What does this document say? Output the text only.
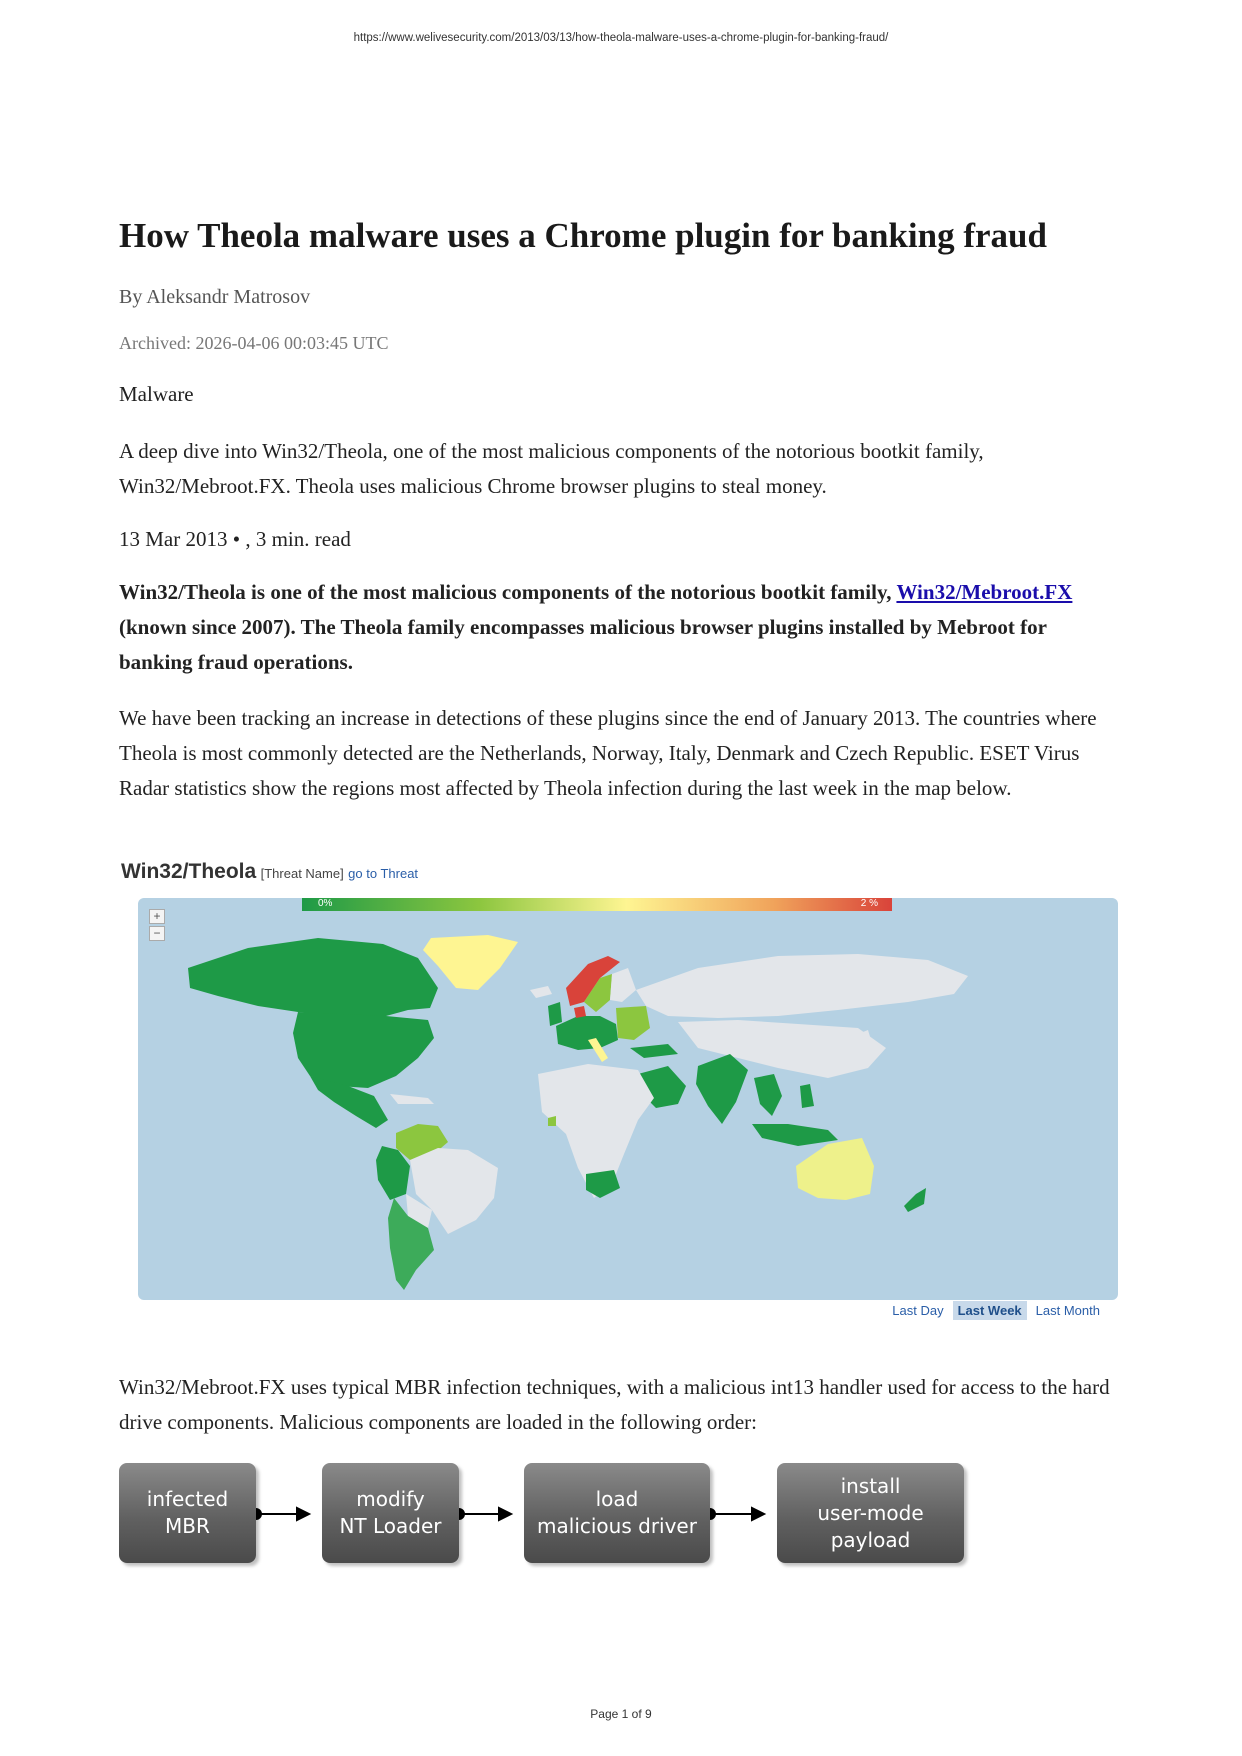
https://www.welivesecurity.com/2013/03/13/how-theola-malware-uses-a-chrome-plugin-for-banking-fraud/
How Theola malware uses a Chrome plugin for banking fraud
By Aleksandr Matrosov
Archived: 2026-04-06 00:03:45 UTC
Malware

A deep dive into Win32/Theola, one of the most malicious components of the notorious bootkit family, Win32/Mebroot.FX. Theola uses malicious Chrome browser plugins to steal money.

13 Mar 2013 • , 3 min. read

Win32/Theola is one of the most malicious components of the notorious bootkit family, Win32/Mebroot.FX (known since 2007). The Theola family encompasses malicious browser plugins installed by Mebroot for banking fraud operations.

We have been tracking an increase in detections of these plugins since the end of January 2013. The countries where Theola is most commonly detected are the Netherlands, Norway, Italy, Denmark and Czech Republic. ESET Virus Radar statistics show the regions most affected by Theola infection during the last week in the map below.

Win32/Theola [Threat Name] go to Threat
0%	2 %
+
−
Last Day Last Week Last Month

Win32/Mebroot.FX uses typical MBR infection techniques, with a malicious int13 handler used for access to the hard drive components. Malicious components are loaded in the following order:

infected
MBR
modify
NT Loader
load
malicious driver
install
user-mode
payload
Page 1 of 9
